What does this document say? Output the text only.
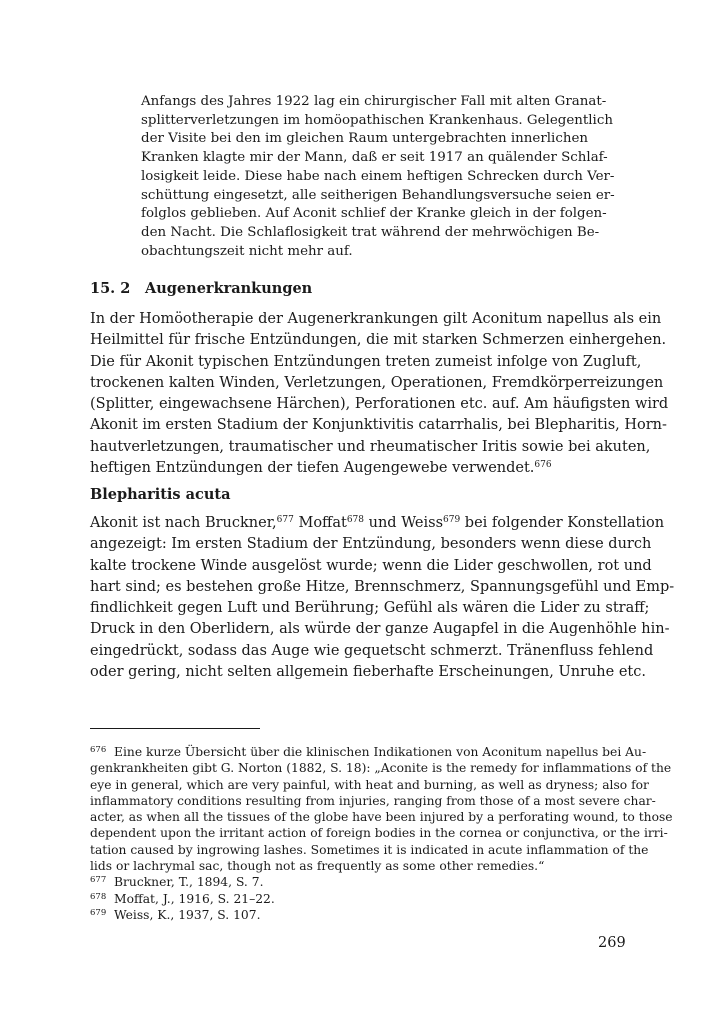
Anfangs des Jahres 1922 lag ein chirurgischer Fall mit alten Granat-
splitterverletzungen im homöopathischen Krankenhaus. Gelegentlich
der Visite bei den im gleichen Raum untergebrachten innerlichen
Kranken klagte mir der Mann, daß er seit 1917 an quälender Schlaf-
losigkeit leide. Diese habe nach einem heftigen Schrecken durch Ver-
schüttung eingesetzt, alle seitherigen Behandlungsversuche seien er-
folglos geblieben. Auf Aconit schlief der Kranke gleich in der folgen-
den Nacht. Die Schlaflosigkeit trat während der mehrwöchigen Be-
obachtungszeit nicht mehr auf.
15. 2 Augenerkrankungen
In der Homöotherapie der Augenerkrankungen gilt Aconitum napellus als ein
Heilmittel für frische Entzündungen, die mit starken Schmerzen einhergehen.
Die für Akonit typischen Entzündungen treten zumeist infolge von Zugluft,
trockenen kalten Winden, Verletzungen, Operationen, Fremdkörperreizungen
(Splitter, eingewachsene Härchen), Perforationen etc. auf. Am häufigsten wird
Akonit im ersten Stadium der Konjunktivitis catarrhalis, bei Blepharitis, Horn-
hautverletzungen, traumatischer und rheumatischer Iritis sowie bei akuten,
heftigen Entzündungen der tiefen Augengewebe verwendet.$^{676}$
Blepharitis acuta
Akonit ist nach Bruckner,$^{677}$ Moffat$^{678}$ und Weiss$^{679}$ bei folgender Konstellation
angezeigt: Im ersten Stadium der Entzündung, besonders wenn diese durch
kalte trockene Winde ausgelöst wurde; wenn die Lider geschwollen, rot und
hart sind; es bestehen große Hitze, Brennschmerz, Spannungsgefühl und Emp-
findlichkeit gegen Luft und Berührung; Gefühl als wären die Lider zu straff;
Druck in den Oberlidern, als würde der ganze Augapfel in die Augenhöhle hin-
eingedrückt, sodass das Auge wie gequetscht schmerzt. Tränenfluss fehlend
oder gering, nicht selten allgemein fieberhafte Erscheinungen, Unruhe etc.
676 Eine kurze Übersicht über die klinischen Indikationen von Aconitum napellus bei Au-
genkrankheiten gibt G. Norton (1882, S. 18): „Aconite is the remedy for inflammations of the
eye in general, which are very painful, with heat and burning, as well as dryness; also for
inflammatory conditions resulting from injuries, ranging from those of a most severe char-
acter, as when all the tissues of the globe have been injured by a perforating wound, to those
dependent upon the irritant action of foreign bodies in the cornea or conjunctiva, or the irri-
tation caused by ingrowing lashes. Sometimes it is indicated in acute inflammation of the
lids or lachrymal sac, though not as frequently as some other remedies.“
677 Bruckner, T., 1894, S. 7.
678 Moffat, J., 1916, S. 21–22.
679 Weiss, K., 1937, S. 107.
269
